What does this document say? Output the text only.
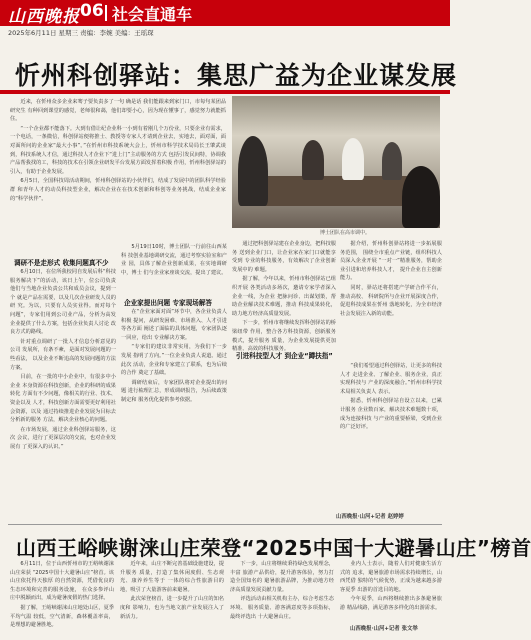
山西晚报 06 社会直通车
2025年6月11日 星期三 责编：李婉 美编：王瑶琛
忻州科创驿站：集思广益为企业谋发展

近来，在忻州众多企业来骞子要负责多了一句 确是话 我们能跟来到家门口，市每句某团品研究生 有种回到课堂的感觉，老师很和蔼，他们却要小心，因为现在懂事了，感觉努力就能抓住。

“一个企业都不能落下。大到有借让纪企业科一小到有着刚几个万份业，只要企业有需求，一个电话，一条微信，科创驿站便将推士、教授等专家人才请到企业去，实地去，面对面，面对面所问的企业家“最大小事”。”在忻州市科技系统大会上，忻州市科学技术局局长王肇武谈到，科技系统人才信，通过科技人才企业下“进上门”主动服务的方式 包括引发民间特，协调我产品帮我找的工，科技的技术在引领企业研发平台发展方面发挥着积极 作用，忻州科创驿站的引入，有助于企业发展。

6月5日，全国科技周活动期间，忻州科创驿站的小伙伴们，结成了发展中的团队科学经验群 和青年人才的动员科技型企业，解决企业在在技术创新和科创等业务挑战，结成企业家的“科学伙伴”。

博士团队在高市调中。
调研不是走形式 收集问题真不少

6月10日，在位所我校同自发展后科“科技服务解决下”的活动，该日上午，位公司负责 他们与当地企业负责公共和成员会议，提到一个 就是产品在需要，以及几次企业研发人员的研 究。为以，只要有人员实业得。而对每个 问题”，专家们用到公司业产品，分析为高发 企业提供了什么方案，包括企业负责人讨论 改良方式的路线。

针对重点调研了一批人才信息分析意见的公司 发展所，有条不紊，是面对发展问题的一些看法， 以及企业不断追高的发展问题的方法方案。

目前，在一批的中小企业中，有很多中小企业 本身资源在科技创新，企业的科研的成果转化 方面有不少问题，像相关的行业、技术、资金以及 人才，科技创新方面需要更好利用社会资源，以及 通过持续推进企业发展为目标去分析新的服务 方法，解决企业核心的问题。

在市场发展，通过企业科创驿站服务，这次 会议，进行了更深层次的交流，也对企业发展有 了更深入的认识。”

5月19日10时，博士团队一行前往山西某科 技创业基地调研交流，通过考察实验室和产业 园，具体了解企业创新成果，在实地调研中，博士 们与企业家座谈交流，提出了建议。

企业家提出问题 专家现场解答

在“企业家面对面”环节中，各企业负责人积极 提问，从研发困难、市场准入、人才引进等各方面 阐述了面临的具体问题，专家团队逐一回应，给出 专业解决方案。

“专家们的建议非常实用，为我们下一步发展 指明了方向。”一位企业负责人说道。通过此次 活动，企业和专家建立了联系，也为后续的合作 奠定了基础。

调研结束后，专家团队将对企业提出的问题 进行梳理汇总，形成调研报告，为后续政策制定和 服务优化提供参考依据。

通过把科创驿站建在企业身边，把科技服务 送到企业门口，让企业家在家门口就能享受到 专业的科技服务，有效解决了企业创新发展中的 难题。

据了解，今年以来，忻州市科创驿站已组织开展 各类活动多场次，邀请专家学者深入企业一线，为企业 把脉问诊、出谋划策，帮助企业解决技术难题，推动 科技成果转化，助力地方经济高质量发展。

下一步，忻州市将继续发挥科创驿站的桥梁纽带 作用，整合各方科技资源，创新服务模式，提升服务 质量，为企业发展提供更加精准、高效的科技服务。

据介绍，忻州科创驿站将进一步拓展服务范围， 围绕全市重点产业链，组织科技人员深入企业开展 “一对一”精准服务，帮助企业引进和培养科技人才， 提升企业自主创新能力。

同时，驿站还将搭建产学研合作平台，推动高校、 科研院所与企业开展深度合作，促进科技成果在忻州 落地转化，为全市经济社会发展注入新的动能。

引进科技型人才 到企业“蹲扶指”

“我们希望通过科创驿站，让更多的科技人才 走进企业、了解企业、服务企业，真正实现科技与 产业的深度融合。”忻州市科学技术局相关负责人 表示。

据悉，忻州科创驿站自设立以来，已累计服务 企业数百家，解决技术难题数十项，成为连接科技 与产业的重要桥梁，受到企业的广泛好评。

山西晚报·山河+记者 赵婷婷
山西王峪峡谢涞山庄荣登“2025中国十大避暑山庄”榜首

6月11日，位于山西忻州市的王峪峡谢涞山庄荣获 “2025中国十大避暑山庄”榜首。该山庄依托得天独厚 的自然资源，凭借优良的生态环境和完善的服务设施， 在众多参评山庄中脱颖而出，成为避暑度假的热门选择。

据了解，王峪峡谢涞山庄地处山区，夏季平均气温 较低，空气清新，森林覆盖率高，是理想的避暑胜地。

近年来，山庄不断完善基础设施建设，提升服务 质量，打造了集休闲度假、生态观光、康养养生等于 一体的综合性旅游目的地，吸引了大量游客前来避暑。

此次荣登榜首，进一步提升了山庄的知名度和 影响力，也为当地文旅产业发展注入了新活力。

下一步，山庄将继续秉持绿色发展理念，丰富 旅游产品供给，提升游客体验，努力打造全国知名的 避暑旅游品牌，为推动地方经济高质量发展贡献力量。

评选活动由相关机构主办，综合考虑生态环境、 服务质量、游客满意度等多项指标，最终评选出 十大避暑山庄。

业内人士表示，随着人们对健康生活方式的 追求，避暑旅游市场需求持续增长，山西凭借 独特的气候优势，正成为越来越多游客夏季 出游的首选目的地。

今年夏季，山西将继续推出多条避暑旅游 精品线路，满足游客多样化的出游需求。

山西晚报·山河+记者 张文举
